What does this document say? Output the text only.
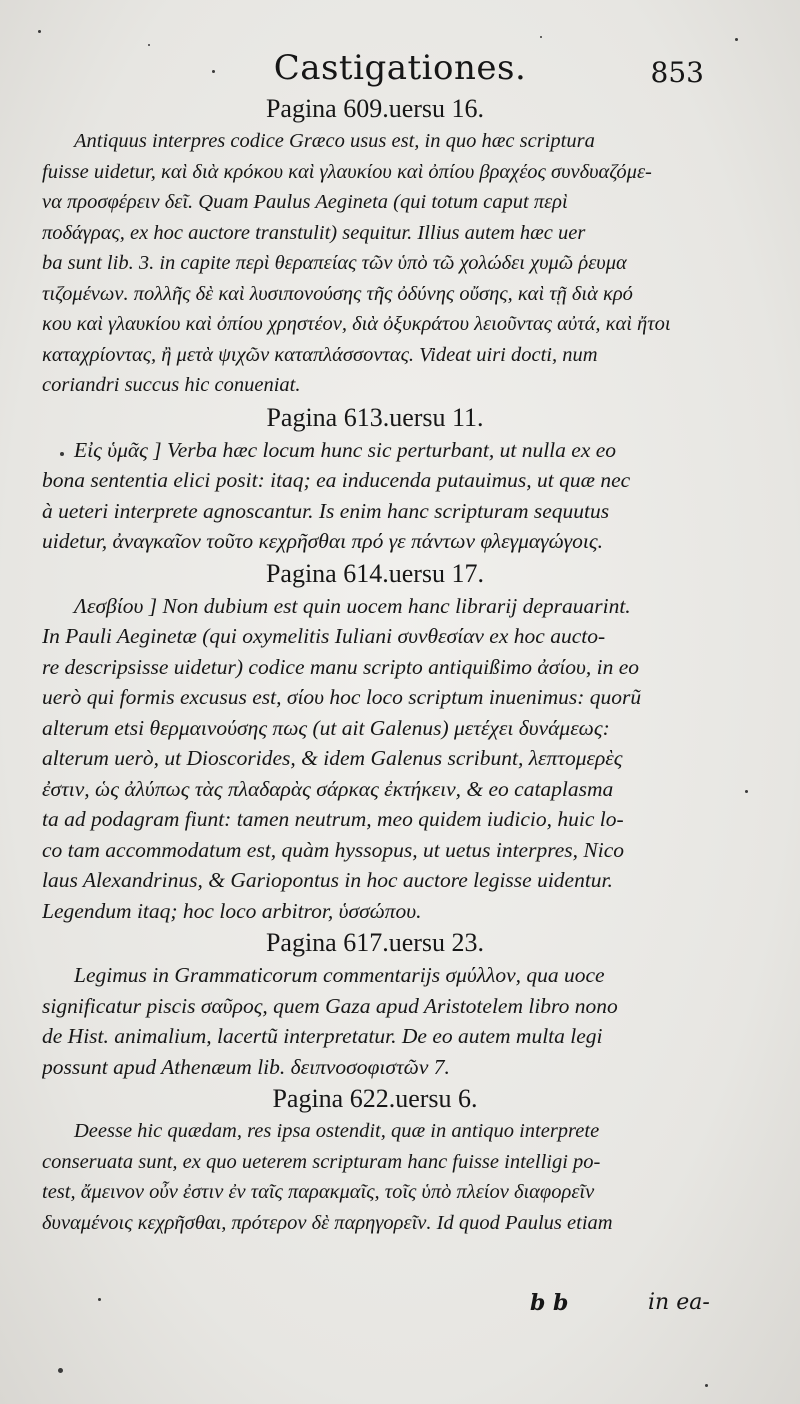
Castigationes.	853
Pagina 609.uersu 16.
Antiquus interpres codice Græco usus est, in quo hæc scriptura
fuisse uidetur, καὶ διὰ κρόκου καὶ γλαυκίου καὶ ὀπίου βραχέος συνδυαζόμε-
να προσφέρειν δεῖ. Quam Paulus Aegineta (qui totum caput περὶ
ποδάγρας, ex hoc auctore transtulit) sequitur. Illius autem hæc uer
ba sunt lib. 3. in capite περὶ θεραπείας τῶν ὑπὸ τῶ χολώδει χυμῶ ῥευμα
τιζομένων. πολλῆς δὲ καὶ λυσιπονούσης τῆς ὀδύνης οὔσης, καὶ τῇ διὰ κρό
κου καὶ γλαυκίου καὶ ὀπίου χρηστέον, διὰ ὀξυκράτου λειοῦντας αὐτά, καὶ ἤτοι
καταχρίοντας, ἢ μετὰ ψιχῶν καταπλάσσοντας. Videat uiri docti, num
coriandri succus hic conueniat.
Pagina 613.uersu 11.
Εἰς ὑμᾶς ] Verba hæc locum hunc sic perturbant, ut nulla ex eo
bona sententia elici posit: itaq; ea inducenda putauimus, ut quæ nec
à ueteri interprete agnoscantur. Is enim hanc scripturam sequutus
uidetur, ἀναγκαῖον τοῦτο κεχρῆσθαι πρό γε πάντων φλεγμαγώγοις.
Pagina 614.uersu 17.
Λεσβίου ] Non dubium est quin uocem hanc librarij deprauarint.
In Pauli Aeginetæ (qui oxymelitis Iuliani συνθεσίαν ex hoc aucto-
re descripsisse uidetur) codice manu scripto antiquißimo ἀσίου, in eo
uerò qui formis excusus est, σίου hoc loco scriptum inuenimus: quorũ
alterum etsi θερμαινούσης πως (ut ait Galenus) μετέχει δυνάμεως:
alterum uerò, ut Dioscorides, & idem Galenus scribunt, λεπτομερὲς
ἐστιν, ὡς ἀλύπως τὰς πλαδαρὰς σάρκας ἐκτήκειν, & eo cataplasma
ta ad podagram fiunt: tamen neutrum, meo quidem iudicio, huic lo-
co tam accommodatum est, quàm hyssopus, ut uetus interpres, Nico
laus Alexandrinus, & Gariopontus in hoc auctore legisse uidentur.
Legendum itaq; hoc loco arbitror, ὑσσώπου.
Pagina 617.uersu 23.
Legimus in Grammaticorum commentarijs σμύλλον, qua uoce
significatur piscis σαῦρος, quem Gaza apud Aristotelem libro nono
de Hist. animalium, lacertũ interpretatur. De eo autem multa legi
possunt apud Athenæum lib. δειπνοσοφιστῶν 7.
Pagina 622.uersu 6.
Deesse hic quædam, res ipsa ostendit, quæ in antiquo interprete
conseruata sunt, ex quo ueterem scripturam hanc fuisse intelligi po-
test, ἄμεινον οὖν ἐστιν ἐν ταῖς παρακμαῖς, τοῖς ὑπὸ πλείον διαφορεῖν
δυναμένοις κεχρῆσθαι, πρότερον δὲ παρηγορεῖν. Id quod Paulus etiam
b b	in ea-
